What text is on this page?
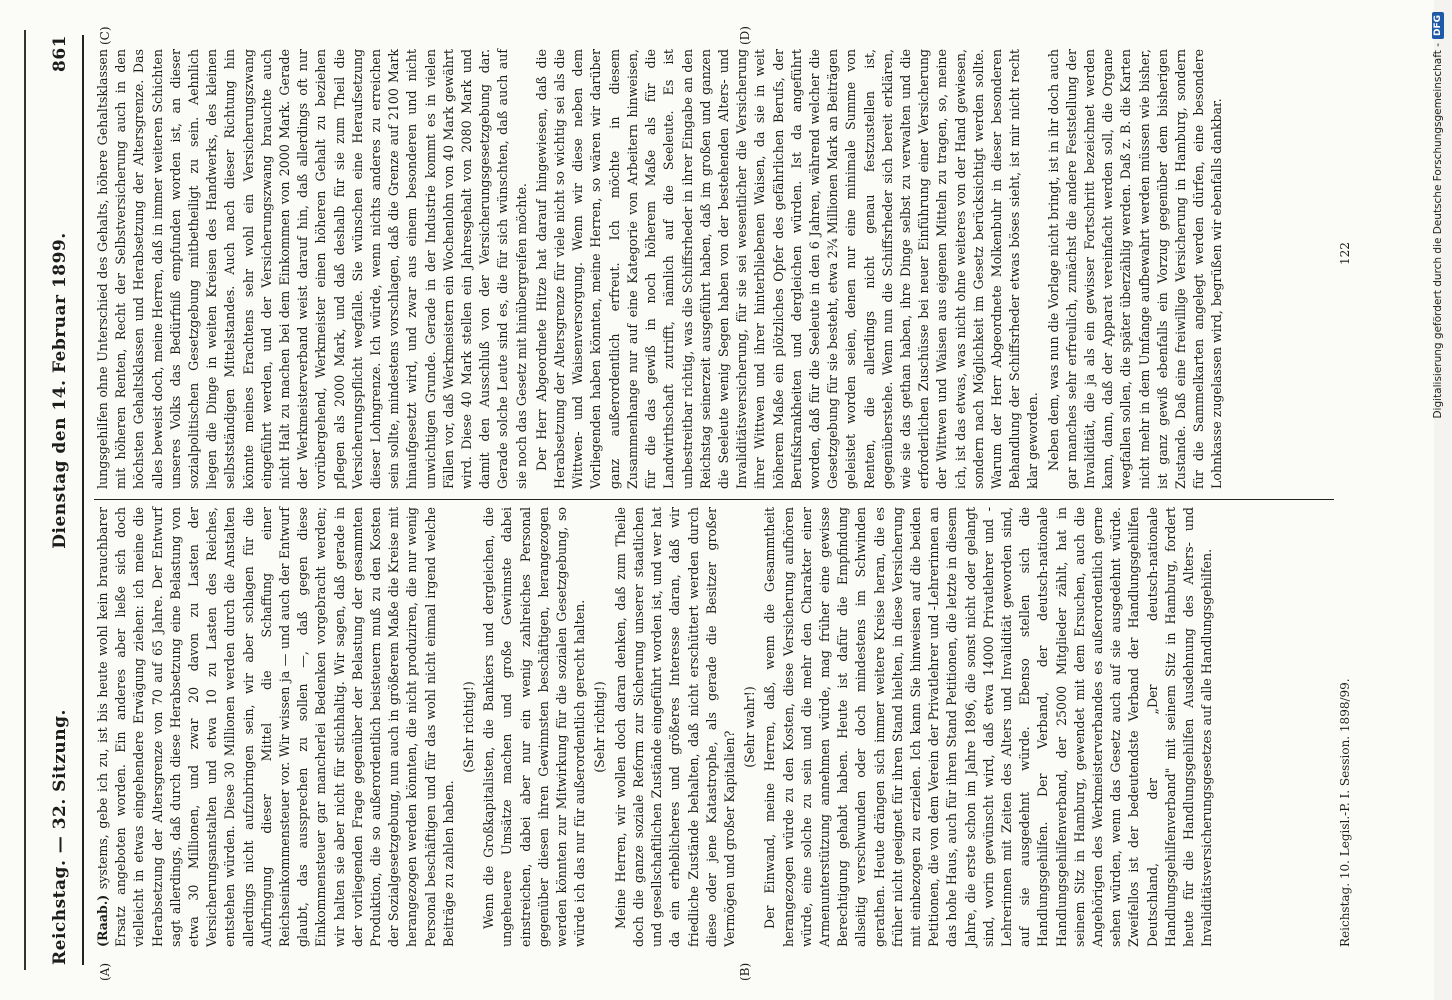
Reichstag. — 32. Sitzung.
Dienstag den 14. Februar 1899.
861

(Raab.) systems, gebe ich zu, ist bis heute wohl kein brauchbarer Ersatz angeboten worden. Ein anderes aber ließe sich doch vielleicht in etwas eingehendere Erwägung ziehen: ich meine die Herabsetzung der Altersgrenze von 70 auf 65 Jahre. Der Entwurf sagt allerdings, daß durch diese Herabsetzung eine Belastung von etwa 30 Millionen, und zwar 20 davon zu Lasten der Versicherungsanstalten und etwa 10 zu Lasten des Reiches, entstehen würden. Diese 30 Millionen werden durch die Anstalten allerdings nicht aufzubringen sein, wir aber schlagen für die Aufbringung dieser Mittel die Schaffung einer Reichseinkommensteuer vor. Wir wissen ja — und auch der Entwurf glaubt, das aussprechen zu sollen —, daß gegen diese Einkommensteuer gar mancherlei Bedenken vorgebracht werden; wir halten sie aber nicht für stichhaltig. Wir sagen, daß gerade in der vorliegenden Frage gegenüber der Belastung der gesammten Produktion, die so außerordentlich beisteuern muß zu den Kosten der Sozialgesetzgebung, nun auch in größerem Maße die Kreise mit herangezogen werden könnten, die nicht produziren, die nur wenig Personal beschäftigen und für das wohl nicht einmal irgend welche Beiträge zu zahlen haben.

(Sehr richtig!) Wenn die Großkapitalisten, die Bankiers und dergleichen, die ungeheuere Umsätze machen und große Gewinnste dabei einstreichen, dabei aber nur ein wenig zahlreiches Personal gegenüber diesen ihren Gewinnsten beschäftigen, herangezogen werden könnten zur Mitwirkung für die sozialen Gesetzgebung, so würde ich das nur für außerordentlich gerecht halten. (Sehr richtig!) Meine Herren, wir wollen doch daran denken, daß zum Theile doch die ganze soziale Reform zur Sicherung unserer staatlichen und gesellschaftlichen Zustände eingeführt worden ist, und wer hat da ein erheblicheres und größeres Interesse daran, daß wir friedliche Zustände behalten, daß nicht erschüttert werden durch diese oder jene Katastrophe, als gerade die Besitzer großer Vermögen und großer Kapitalien?

(Sehr wahr!) Der Einwand, meine Herren, daß, wenn die Gesammtheit herangezogen würde zu den Kosten, diese Versicherung aufhören würde, eine solche zu sein und die mehr den Charakter einer Armenunterstützung annehmen würde, mag früher eine gewisse Berechtigung gehabt haben. Heute ist dafür die Empfindung allseitig verschwunden oder doch mindestens im Schwinden gerathen. Heute drängen sich immer weitere Kreise heran, die es früher nicht geeignet für ihren Stand hielten, in diese Versicherung mit einbezogen zu erzielen. Ich kann Sie hinweisen auf die beiden Petitionen, die von dem Verein der Privatlehrer und -Lehrerinnen an das hohe Haus, auch für ihren Stand Petitionen, die letzte in diesem Jahre, die erste schon im Jahre 1896, die sonst nicht oder gelangt sind, worin gewünscht wird, daß etwa 14000 Privatlehrer und -Lehrerinnen mit Zeiten des Alters und Invalidität geworden sind, auf sie ausgedehnt würde. Ebenso stellen sich die Handlungsgehilfen. Der Verband, der deutsch-nationale Handlungsgehilfenverband, der 25000 Mitglieder zählt, hat in seinem Sitz in Hamburg, gewendet mit dem Ersuchen, auch die Angehörigen des Werkmeisterverbandes es außerordentlich gerne sehen würden, wenn das Gesetz auch auf sie ausgedehnt würde. Zweifellos ist der bedeutendste Verband der Handlungsgehilfen Deutschland, der „Der deutsch-nationale Handlungsgehilfenverband" mit seinem Sitz in Hamburg, fordert heute für die Handlungsgehilfen Ausdehnung des Alters- und Invaliditätsversicherungsgesetzes auf alle Handlungsgehilfen.

lungsgehilfen ohne Unterschied des Gehalts, höhere Gehaltsklassen mit höheren Renten, Recht der Selbstversicherung auch in den höchsten Gehaltsklassen und Herabsetzung der Altersgrenze. Das alles beweist doch, meine Herren, daß in immer weiteren Schichten unseres Volks das Bedürfniß empfunden worden ist, an dieser sozialpolitischen Gesetzgebung mitbetheiligt zu sein. Aehnlich liegen die Dinge in weiten Kreisen des Handwerks, des kleinen selbstständigen Mittelstandes. Auch nach dieser Richtung hin könnte meines Erachtens sehr wohl ein Versicherungszwang eingeführt werden, und der Versicherungszwang brauchte auch nicht Halt zu machen bei dem Einkommen von 2000 Mark. Gerade der Werkmeisterverband weist darauf hin, daß allerdings oft nur vorübergehend, Werkmeister einen höheren Gehalt zu beziehen pflegen als 2000 Mark, und daß deshalb für sie zum Theil die Versicherungspflicht wegfalle. Sie wünschen eine Heraufsetzung dieser Lohngrenze. Ich würde, wenn nichts anderes zu erreichen sein sollte, mindestens vorschlagen, daß die Grenze auf 2100 Mark hinaufgesetzt wird, und zwar aus einem besonderen und nicht unwichtigen Grunde. Gerade in der Industrie kommt es in vielen Fällen vor, daß Werkmeistern ein Wochenlohn von 40 Mark gewährt wird. Diese 40 Mark stellen ein Jahresgehalt von 2080 Mark und damit den Ausschluß von der Versicherungsgesetzgebung dar. Gerade solche Leute sind es, die für sich wünschten, daß auch auf sie noch das Gesetz mit hinübergreifen möchte. Der Herr Abgeordnete Hitze hat darauf hingewiesen, daß die Herabsetzung der Altersgrenze für viele nicht so wichtig sei als die Wittwen- und Waisenversorgung. Wenn wir diese neben dem Vorliegenden haben könnten, meine Herren, so wären wir darüber ganz außerordentlich erfreut. Ich möchte in diesem Zusammenhange nur auf eine Kategorie von Arbeitern hinweisen, für die das gewiß in noch höherem Maße als für die Landwirthschaft zutrifft, nämlich auf die Seeleute. Es ist unbestreitbar richtig, was die Schiffsrheder in ihrer Eingabe an den Reichstag seinerzeit ausgeführt haben, daß im großen und ganzen die Seeleute wenig Segen haben von der bestehenden Alters- und Invaliditätsversicherung, für sie sei wesentlicher die Versicherung ihrer Wittwen und ihrer hinterbliebenen Waisen, da sie in weit höherem Maße ein plötzliches Opfer des gefährlichen Berufs, der Berufskrankheiten und dergleichen würden. Ist da angeführt worden, daß für die Seeleute in den 6 Jahren, während welcher die Gesetzgebung für sie besteht, etwa 2¾ Millionen Mark an Beiträgen geleistet worden seien, denen nur eine minimale Summe von Renten, die allerdings nicht genau festzustellen ist, gegenüberstehe. Wenn nun die Schiffsrheder sich bereit erklären, wie sie das gethan haben, ihre Dinge selbst zu verwalten und die erforderlichen Zuschüsse bei neuer Einführung einer Versicherung der Wittwen und Waisen aus eigenen Mitteln zu tragen, so, meine ich, ist das etwas, was nicht ohne weiteres von der Hand gewiesen, sondern nach Möglichkeit im Gesetz berücksichtigt werden sollte. Warum der Herr Abgeordnete Molkenbuhr in dieser besonderen Behandlung der Schiffsrheder etwas böses sieht, ist mir nicht recht klar geworden. Neben dem, was nun die Vorlage nicht bringt, ist in ihr doch auch gar manches sehr erfreulich, zunächst die andere Feststellung der Invalidität, die ja als ein gewisser Fortschritt bezeichnet werden kann, dann, daß der Apparat vereinfacht werden soll, die Organe wegfallen sollen, die später überzählig werden. Daß z. B. die Karten nicht mehr in dem Umfange aufbewahrt werden müssen wie bisher, ist ganz gewiß ebenfalls ein Vorzug gegenüber dem bisherigen Zustande. Daß eine freiwillige Versicherung in Hamburg, sondern für die Sammelkarten angelegt werden dürfen, eine besondere Lohnkasse zugelassen wird, begrüßen wir ebenfalls dankbar.

(A)	(B)
(C)	(D)
Reichstag. 10. Legisl.-P. I. Session. 1898/99.
122	Digitalisierung gefördert durch die Deutsche Forschungsgemeinschaft -
DFG
